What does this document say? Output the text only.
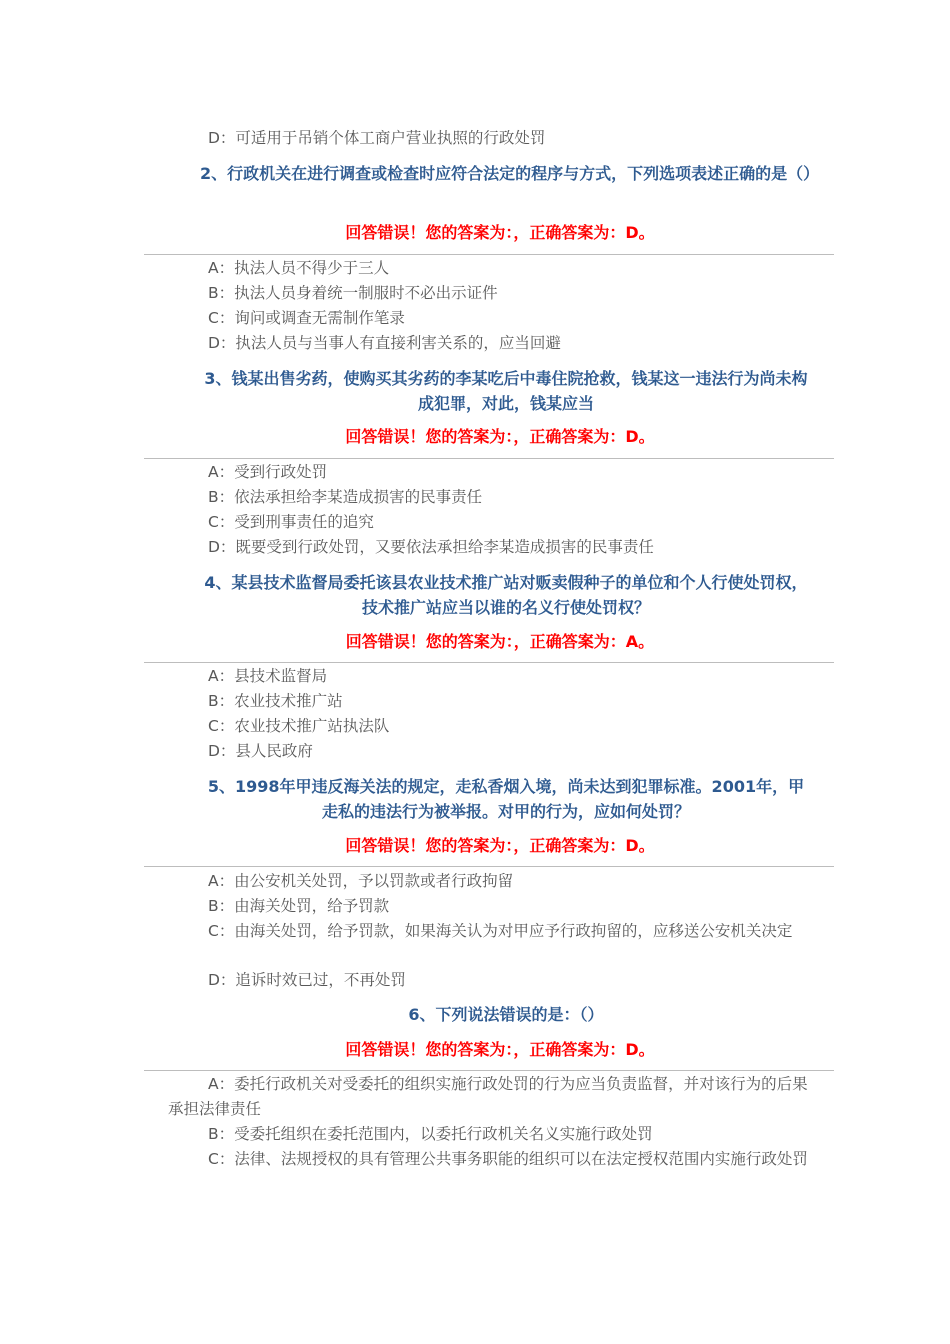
D：可适用于吊销个体工商户营业执照的行政处罚
2、行政机关在进行调查或检查时应符合法定的程序与方式，下列选项表述正确的是（）
回答错误！您的答案为：，正确答案为：D。
A：执法人员不得少于三人
B：执法人员身着统一制服时不必出示证件
C：询问或调查无需制作笔录
D：执法人员与当事人有直接利害关系的，应当回避
3、钱某出售劣药，使购买其劣药的李某吃后中毒住院抢救，钱某这一违法行为尚未构成犯罪，对此，钱某应当
回答错误！您的答案为：，正确答案为：D。
A：受到行政处罚
B：依法承担给李某造成损害的民事责任
C：受到刑事责任的追究
D：既要受到行政处罚，又要依法承担给李某造成损害的民事责任
4、某县技术监督局委托该县农业技术推广站对贩卖假种子的单位和个人行使处罚权，技术推广站应当以谁的名义行使处罚权？
回答错误！您的答案为：，正确答案为：A。
A：县技术监督局
B：农业技术推广站
C：农业技术推广站执法队
D：县人民政府
5、1998年甲违反海关法的规定，走私香烟入境，尚未达到犯罪标准。2001年，甲走私的违法行为被举报。对甲的行为，应如何处罚？
回答错误！您的答案为：，正确答案为：D。
A：由公安机关处罚，予以罚款或者行政拘留
B：由海关处罚，给予罚款
C：由海关处罚，给予罚款，如果海关认为对甲应予行政拘留的，应移送公安机关决定
D：追诉时效已过，不再处罚
6、下列说法错误的是：（）
回答错误！您的答案为：，正确答案为：D。
A：委托行政机关对受委托的组织实施行政处罚的行为应当负责监督，并对该行为的后果承担法律责任
B：受委托组织在委托范围内，以委托行政机关名义实施行政处罚
C：法律、法规授权的具有管理公共事务职能的组织可以在法定授权范围内实施行政处罚
